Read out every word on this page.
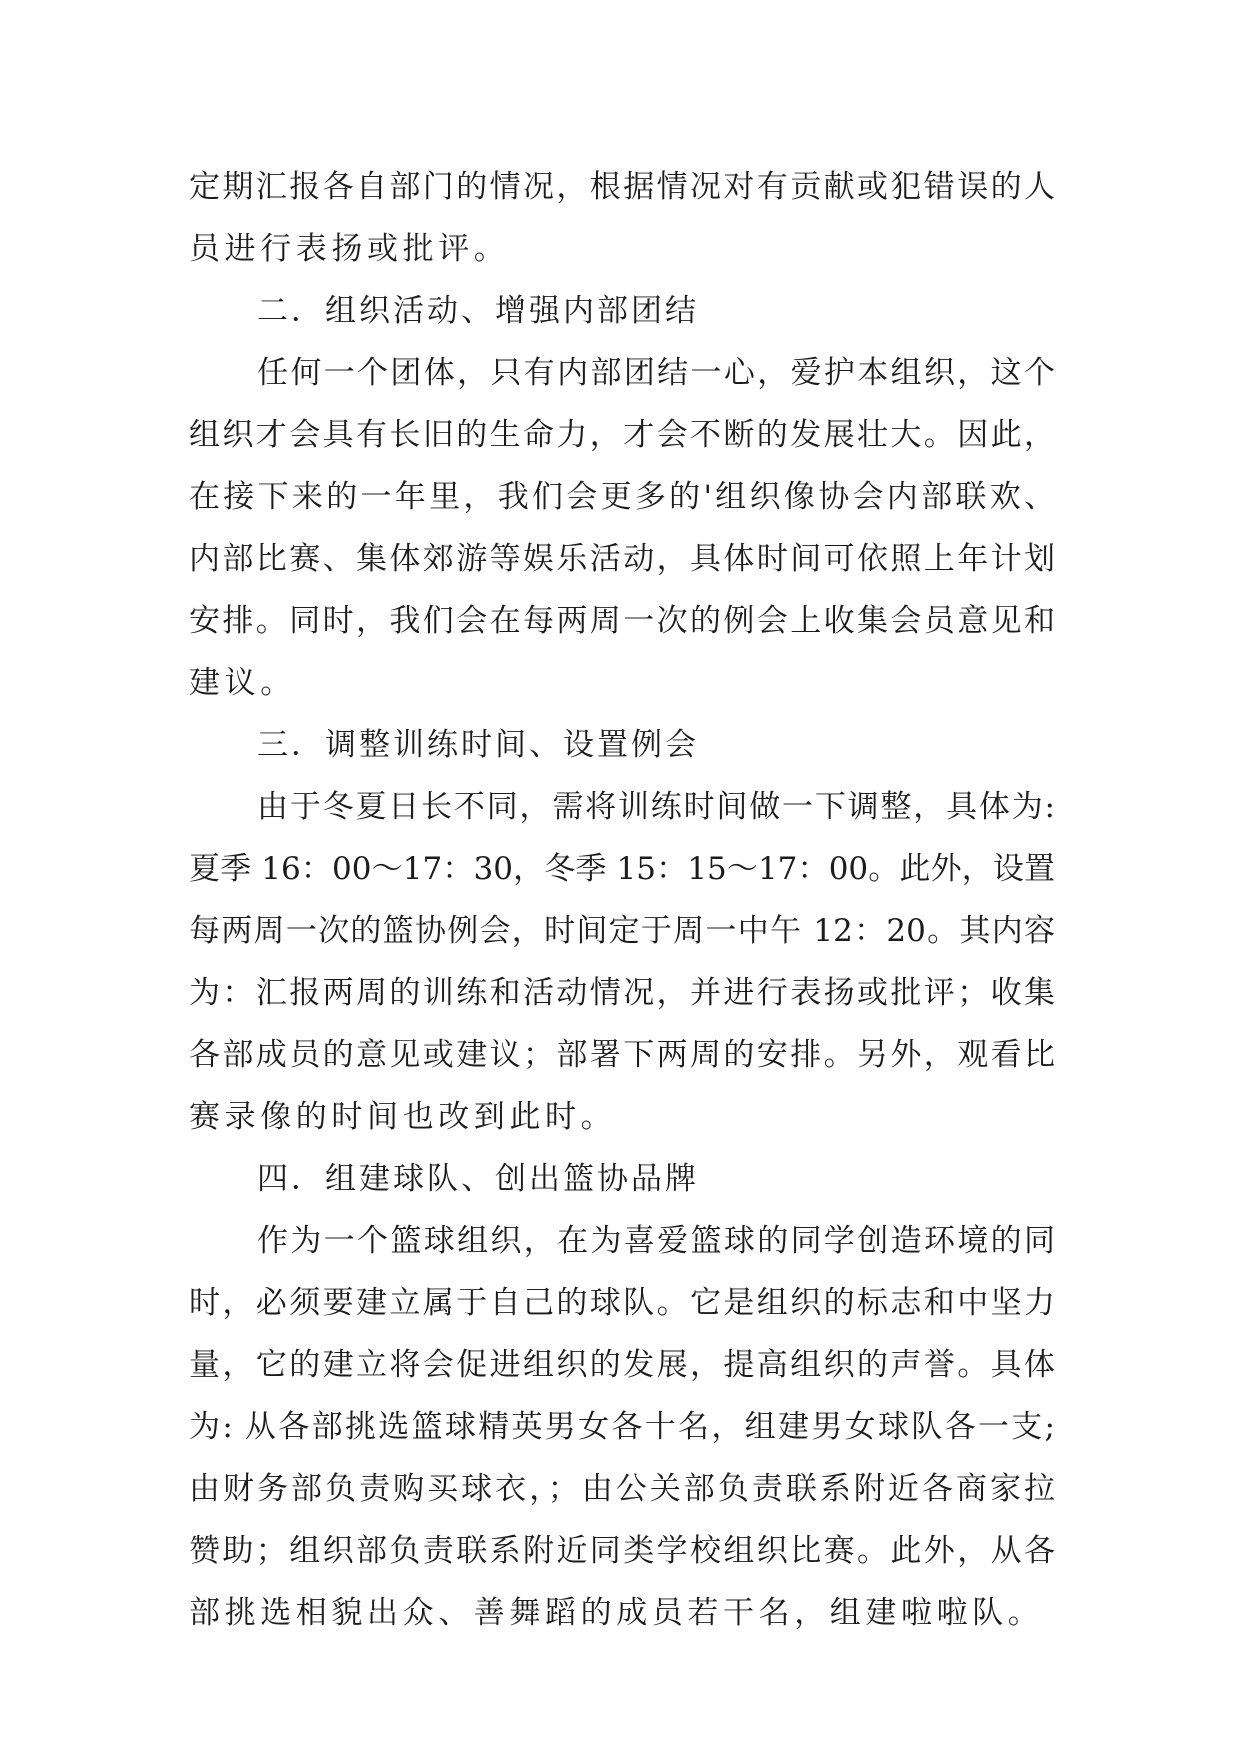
定期汇报各自部门的情况，根据情况对有贡献或犯错误的人
员进行表扬或批评。
二．组织活动、增强内部团结
任何一个团体，只有内部团结一心，爱护本组织，这个
组织才会具有长旧的生命力，才会不断的发展壮大。因此，
在接下来的一年里，我们会更多的'组织像协会内部联欢、
内部比赛、集体郊游等娱乐活动，具体时间可依照上年计划
安排。同时，我们会在每两周一次的例会上收集会员意见和
建议。
三．调整训练时间、设置例会
由于冬夏日长不同，需将训练时间做一下调整，具体为:
夏季 16：00～17：30，冬季 15：15～17：00。此外，设置
每两周一次的篮协例会，时间定于周一中午 12：20。其内容
为：汇报两周的训练和活动情况，并进行表扬或批评；收集
各部成员的意见或建议；部署下两周的安排。另外，观看比
赛录像的时间也改到此时。
四．组建球队、创出篮协品牌
作为一个篮球组织，在为喜爱篮球的同学创造环境的同
时，必须要建立属于自己的球队。它是组织的标志和中坚力
量，它的建立将会促进组织的发展，提高组织的声誉。具体
为: 从各部挑选篮球精英男女各十名，组建男女球队各一支;
由财务部负责购买球衣，；由公关部负责联系附近各商家拉
赞助；组织部负责联系附近同类学校组织比赛。此外，从各
部挑选相貌出众、善舞蹈的成员若干名，组建啦啦队。
